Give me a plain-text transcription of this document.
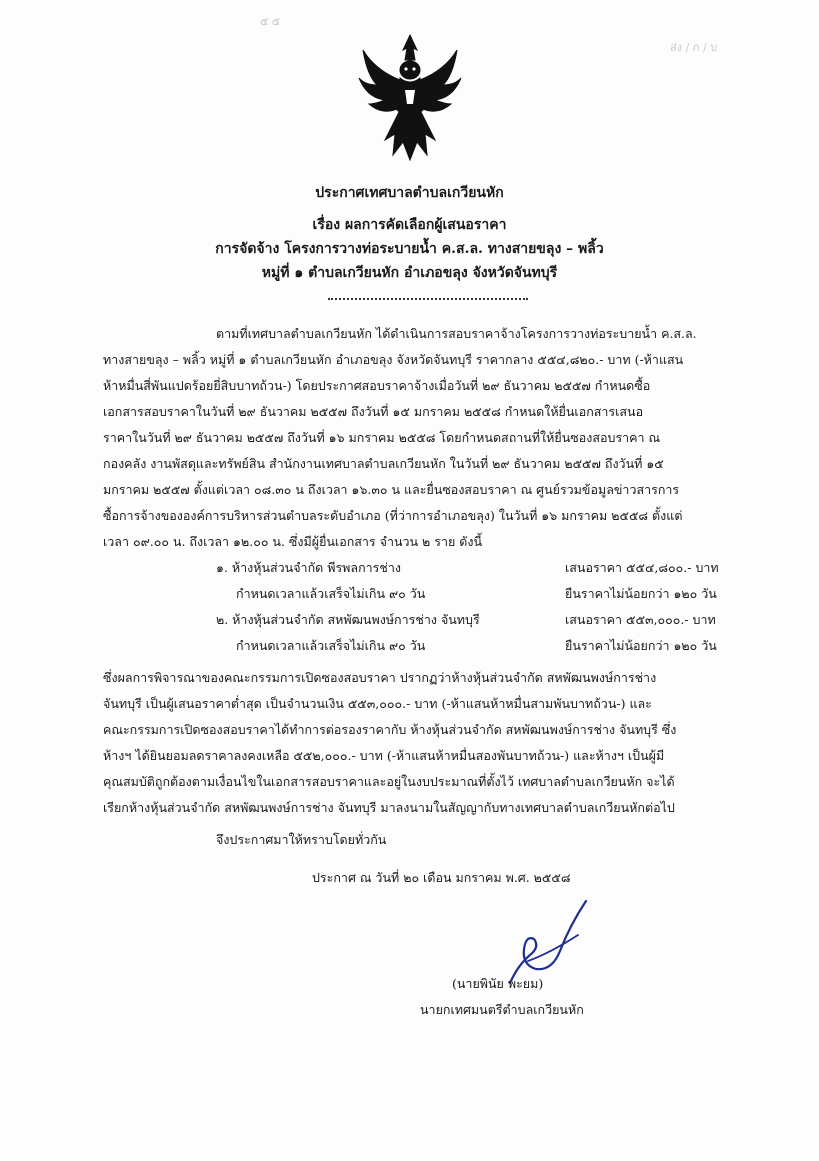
๕ ๕
ส่ง / ก / บ
ประกาศเทศบาลตำบลเกวียนหัก
เรื่อง ผลการคัดเลือกผู้เสนอราคา
การจัดจ้าง โครงการวางท่อระบายน้ำ ค.ส.ล. ทางสายขลุง – พลิ้ว
หมู่ที่ ๑ ตำบลเกวียนหัก อำเภอขลุง จังหวัดจันทบุรี
ตามที่เทศบาลตำบลเกวียนหัก ได้ดำเนินการสอบราคาจ้างโครงการวางท่อระบายน้ำ ค.ส.ล.
ทางสายขลุง – พลิ้ว หมู่ที่ ๑ ตำบลเกวียนหัก อำเภอขลุง จังหวัดจันทบุรี ราคากลาง ๕๕๔,๘๒๐.- บาท (-ห้าแสน
ห้าหมื่นสี่พันแปดร้อยยี่สิบบาทถ้วน-) โดยประกาศสอบราคาจ้างเมื่อวันที่ ๒๙ ธันวาคม ๒๕๕๗ กำหนดซื้อ
เอกสารสอบราคาในวันที่ ๒๙ ธันวาคม ๒๕๕๗ ถึงวันที่ ๑๕ มกราคม ๒๕๕๘ กำหนดให้ยื่นเอกสารเสนอ
ราคาในวันที่ ๒๙ ธันวาคม ๒๕๕๗ ถึงวันที่ ๑๖ มกราคม ๒๕๕๘ โดยกำหนดสถานที่ให้ยื่นซองสอบราคา ณ
กองคลัง งานพัสดุและทรัพย์สิน สำนักงานเทศบาลตำบลเกวียนหัก ในวันที่ ๒๙ ธันวาคม ๒๕๕๗ ถึงวันที่ ๑๕
มกราคม ๒๕๕๗ ตั้งแต่เวลา ๐๘.๓๐ น ถึงเวลา ๑๖.๓๐ น และยื่นซองสอบราคา ณ ศูนย์รวมข้อมูลข่าวสารการ
ซื้อการจ้างขององค์การบริหารส่วนตำบลระดับอำเภอ (ที่ว่าการอำเภอขลุง) ในวันที่ ๑๖ มกราคม ๒๕๕๘ ตั้งแต่
เวลา ๐๙.๐๐ น. ถึงเวลา ๑๒.๐๐ น. ซึ่งมีผู้ยื่นเอกสาร จำนวน ๒ ราย ดังนี้
๑. ห้างหุ้นส่วนจำกัด พีรพลการช่าง	เสนอราคา ๕๕๔,๘๐๐.- บาท
กำหนดเวลาแล้วเสร็จไม่เกิน ๙๐ วัน	ยืนราคาไม่น้อยกว่า ๑๒๐ วัน
๒. ห้างหุ้นส่วนจำกัด สหพัฒนพงษ์การช่าง จันทบุรี	เสนอราคา ๕๕๓,๐๐๐.- บาท
กำหนดเวลาแล้วเสร็จไม่เกิน ๙๐ วัน	ยืนราคาไม่น้อยกว่า ๑๒๐ วัน
ซึ่งผลการพิจารณาของคณะกรรมการเปิดซองสอบราคา ปรากฏว่าห้างหุ้นส่วนจำกัด สหพัฒนพงษ์การช่าง
จันทบุรี เป็นผู้เสนอราคาต่ำสุด เป็นจำนวนเงิน ๕๕๓,๐๐๐.- บาท (-ห้าแสนห้าหมื่นสามพันบาทถ้วน-) และ
คณะกรรมการเปิดซองสอบราคาได้ทำการต่อรองราคากับ ห้างหุ้นส่วนจำกัด สหพัฒนพงษ์การช่าง จันทบุรี ซึ่ง
ห้างฯ ได้ยินยอมลดราคาลงคงเหลือ ๕๕๒,๐๐๐.- บาท (-ห้าแสนห้าหมื่นสองพันบาทถ้วน-) และห้างฯ เป็นผู้มี
คุณสมบัติถูกต้องตามเงื่อนไขในเอกสารสอบราคาและอยู่ในงบประมาณที่ตั้งไว้ เทศบาลตำบลเกวียนหัก จะได้
เรียกห้างหุ้นส่วนจำกัด สหพัฒนพงษ์การช่าง จันทบุรี มาลงนามในสัญญากับทางเทศบาลตำบลเกวียนหักต่อไป
จึงประกาศมาให้ทราบโดยทั่วกัน
ประกาศ ณ วันที่ ๒๐ เดือน มกราคม พ.ศ. ๒๕๕๘
(นายพินัย พะยม)
นายกเทศมนตรีตำบลเกวียนหัก
